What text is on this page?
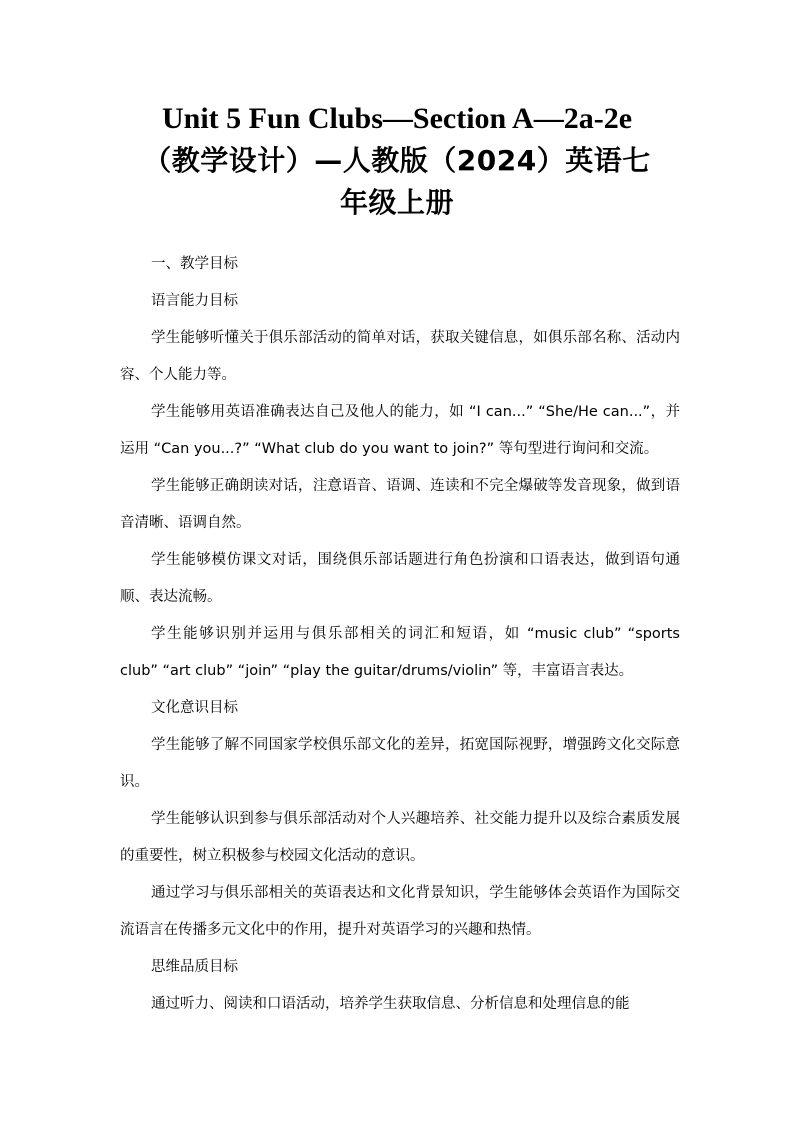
Unit 5 Fun Clubs—Section A—2a-2e
（教学设计）—人教版（2024）英语七
年级上册

一、教学目标

语言能力目标

学生能够听懂关于俱乐部活动的简单对话，获取关键信息，如俱乐部名称、活动内容、个人能力等。

学生能够用英语准确表达自己及他人的能力，如 “I can...” “She/He can...”，并运用 “Can you...?” “What club do you want to join?” 等句型进行询问和交流。

学生能够正确朗读对话，注意语音、语调、连读和不完全爆破等发音现象，做到语音清晰、语调自然。

学生能够模仿课文对话，围绕俱乐部话题进行角色扮演和口语表达，做到语句通顺、表达流畅。

学生能够识别并运用与俱乐部相关的词汇和短语，如 “music club” “sports club” “art club” “join” “play the guitar/drums/violin” 等，丰富语言表达。

文化意识目标

学生能够了解不同国家学校俱乐部文化的差异，拓宽国际视野，增强跨文化交际意识。

学生能够认识到参与俱乐部活动对个人兴趣培养、社交能力提升以及综合素质发展的重要性，树立积极参与校园文化活动的意识。

通过学习与俱乐部相关的英语表达和文化背景知识，学生能够体会英语作为国际交流语言在传播多元文化中的作用，提升对英语学习的兴趣和热情。

思维品质目标

通过听力、阅读和口语活动，培养学生获取信息、分析信息和处理信息的能
